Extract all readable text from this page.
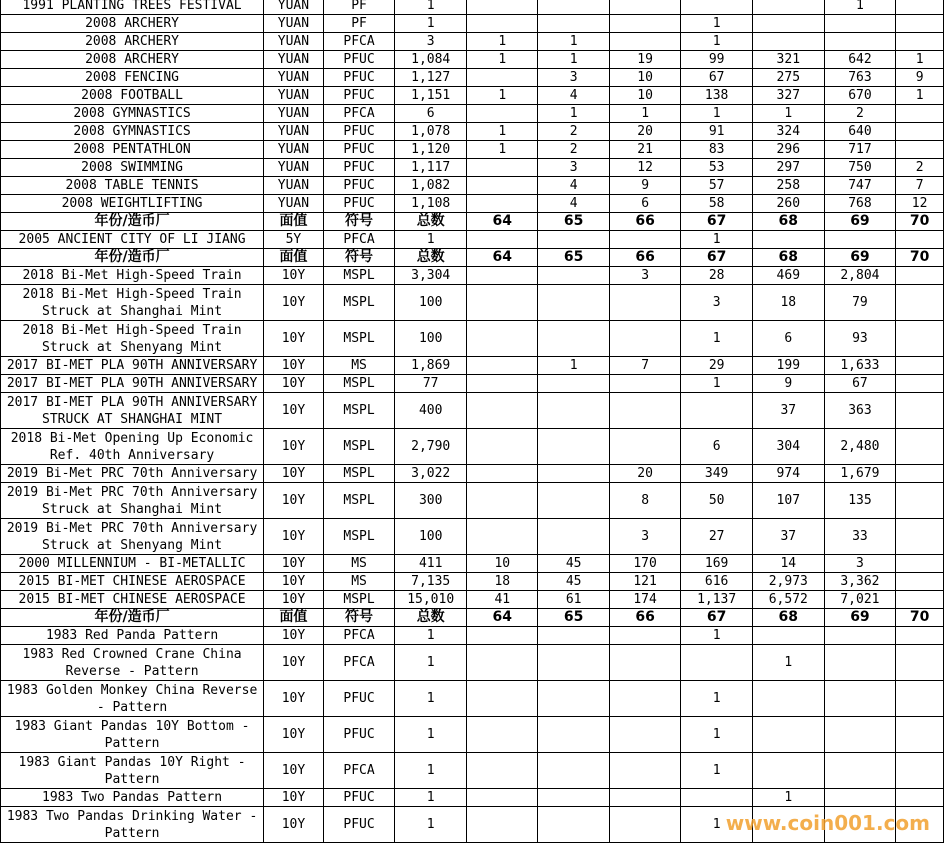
1991 PLANTING TREES FESTIVAL	YUAN	PF	1						1	
2008 ARCHERY	YUAN	PF	1				1			
2008 ARCHERY	YUAN	PFCA	3	1	1		1			
2008 ARCHERY	YUAN	PFUC	1,084	1	1	19	99	321	642	1
2008 FENCING	YUAN	PFUC	1,127		3	10	67	275	763	9
2008 FOOTBALL	YUAN	PFUC	1,151	1	4	10	138	327	670	1
2008 GYMNASTICS	YUAN	PFCA	6		1	1	1	1	2	
2008 GYMNASTICS	YUAN	PFUC	1,078	1	2	20	91	324	640	
2008 PENTATHLON	YUAN	PFUC	1,120	1	2	21	83	296	717	
2008 SWIMMING	YUAN	PFUC	1,117		3	12	53	297	750	2
2008 TABLE TENNIS	YUAN	PFUC	1,082		4	9	57	258	747	7
2008 WEIGHTLIFTING	YUAN	PFUC	1,108		4	6	58	260	768	12
年份/造币厂	面值	符号	总数	64	65	66	67	68	69	70
2005 ANCIENT CITY OF LI JIANG	5Y	PFCA	1				1			
年份/造币厂	面值	符号	总数	64	65	66	67	68	69	70
2018 Bi-Met High-Speed Train	10Y	MSPL	3,304			3	28	469	2,804	
2018 Bi-Met High-Speed Train Struck at Shanghai Mint	10Y	MSPL	100				3	18	79	
2018 Bi-Met High-Speed Train Struck at Shenyang Mint	10Y	MSPL	100				1	6	93	
2017 BI-MET PLA 90TH ANNIVERSARY	10Y	MS	1,869		1	7	29	199	1,633	
2017 BI-MET PLA 90TH ANNIVERSARY	10Y	MSPL	77				1	9	67	
2017 BI-MET PLA 90TH ANNIVERSARY STRUCK AT SHANGHAI MINT	10Y	MSPL	400					37	363	
2018 Bi-Met Opening Up Economic Ref. 40th Anniversary	10Y	MSPL	2,790				6	304	2,480	
2019 Bi-Met PRC 70th Anniversary	10Y	MSPL	3,022			20	349	974	1,679	
2019 Bi-Met PRC 70th Anniversary Struck at Shanghai Mint	10Y	MSPL	300			8	50	107	135	
2019 Bi-Met PRC 70th Anniversary Struck at Shenyang Mint	10Y	MSPL	100			3	27	37	33	
2000 MILLENNIUM - BI-METALLIC	10Y	MS	411	10	45	170	169	14	3	
2015 BI-MET CHINESE AEROSPACE	10Y	MS	7,135	18	45	121	616	2,973	3,362	
2015 BI-MET CHINESE AEROSPACE	10Y	MSPL	15,010	41	61	174	1,137	6,572	7,021	
年份/造币厂	面值	符号	总数	64	65	66	67	68	69	70
1983 Red Panda Pattern	10Y	PFCA	1				1			
1983 Red Crowned Crane China Reverse - Pattern	10Y	PFCA	1					1		
1983 Golden Monkey China Reverse - Pattern	10Y	PFUC	1				1			
1983 Giant Pandas 10Y Bottom - Pattern	10Y	PFUC	1				1			
1983 Giant Pandas 10Y Right - Pattern	10Y	PFCA	1				1			
1983 Two Pandas Pattern	10Y	PFUC	1					1		
1983 Two Pandas Drinking Water - Pattern	10Y	PFUC	1				1			www.coin001.com
